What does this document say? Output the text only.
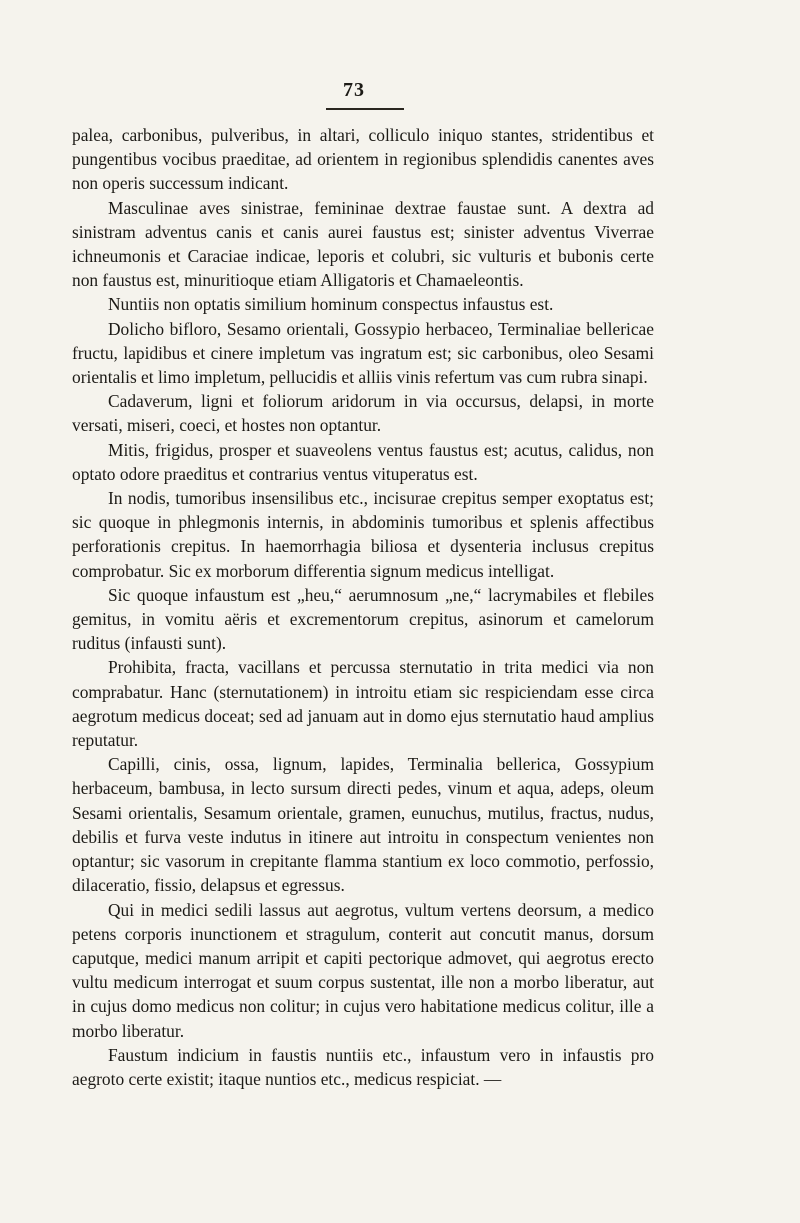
73

palea, carbonibus, pulveribus, in altari, colliculo iniquo stantes, stridentibus et pungentibus vocibus praeditae, ad orientem in regionibus splendidis canentes aves non operis successum indicant.

Masculinae aves sinistrae, femininae dextrae faustae sunt. A dextra ad sinistram adventus canis et canis aurei faustus est; sinister adventus Viverrae ichneumonis et Caraciae indicae, leporis et colubri, sic vulturis et bubonis certe non faustus est, minuritioque etiam Alligatoris et Chamaeleontis.

Nuntiis non optatis similium hominum conspectus infaustus est.

Dolicho bifloro, Sesamo orientali, Gossypio herbaceo, Terminaliae bellericae fructu, lapidibus et cinere impletum vas ingratum est; sic carbonibus, oleo Sesami orientalis et limo impletum, pellucidis et alliis vinis refertum vas cum rubra sinapi.

Cadaverum, ligni et foliorum aridorum in via occursus, delapsi, in morte versati, miseri, coeci, et hostes non optantur.

Mitis, frigidus, prosper et suaveolens ventus faustus est; acutus, calidus, non optato odore praeditus et contrarius ventus vituperatus est.

In nodis, tumoribus insensilibus etc., incisurae crepitus semper exoptatus est; sic quoque in phlegmonis internis, in abdominis tumoribus et splenis affectibus perforationis crepitus. In haemorrhagia biliosa et dysenteria inclusus crepitus comprobatur. Sic ex morborum differentia signum medicus intelligat.

Sic quoque infaustum est „heu,“ aerumnosum „ne,“ lacrymabiles et flebiles gemitus, in vomitu aëris et excrementorum crepitus, asinorum et camelorum ruditus (infausti sunt).

Prohibita, fracta, vacillans et percussa sternutatio in trita medici via non comprabatur. Hanc (sternutationem) in introitu etiam sic respiciendam esse circa aegrotum medicus doceat; sed ad januam aut in domo ejus sternutatio haud amplius reputatur.

Capilli, cinis, ossa, lignum, lapides, Terminalia bellerica, Gossypium herbaceum, bambusa, in lecto sursum directi pedes, vinum et aqua, adeps, oleum Sesami orientalis, Sesamum orientale, gramen, eunuchus, mutilus, fractus, nudus, debilis et furva veste indutus in itinere aut introitu in conspectum venientes non optantur; sic vasorum in crepitante flamma stantium ex loco commotio, perfossio, dilaceratio, fissio, delapsus et egressus.

Qui in medici sedili lassus aut aegrotus, vultum vertens deorsum, a medico petens corporis inunctionem et stragulum, conterit aut concutit manus, dorsum caputque, medici manum arripit et capiti pectorique admovet, qui aegrotus erecto vultu medicum interrogat et suum corpus sustentat, ille non a morbo liberatur, aut in cujus domo medicus non colitur; in cujus vero habitatione medicus colitur, ille a morbo liberatur.

Faustum indicium in faustis nuntiis etc., infaustum vero in infaustis pro aegroto certe existit; itaque nuntios etc., medicus respiciat. —
